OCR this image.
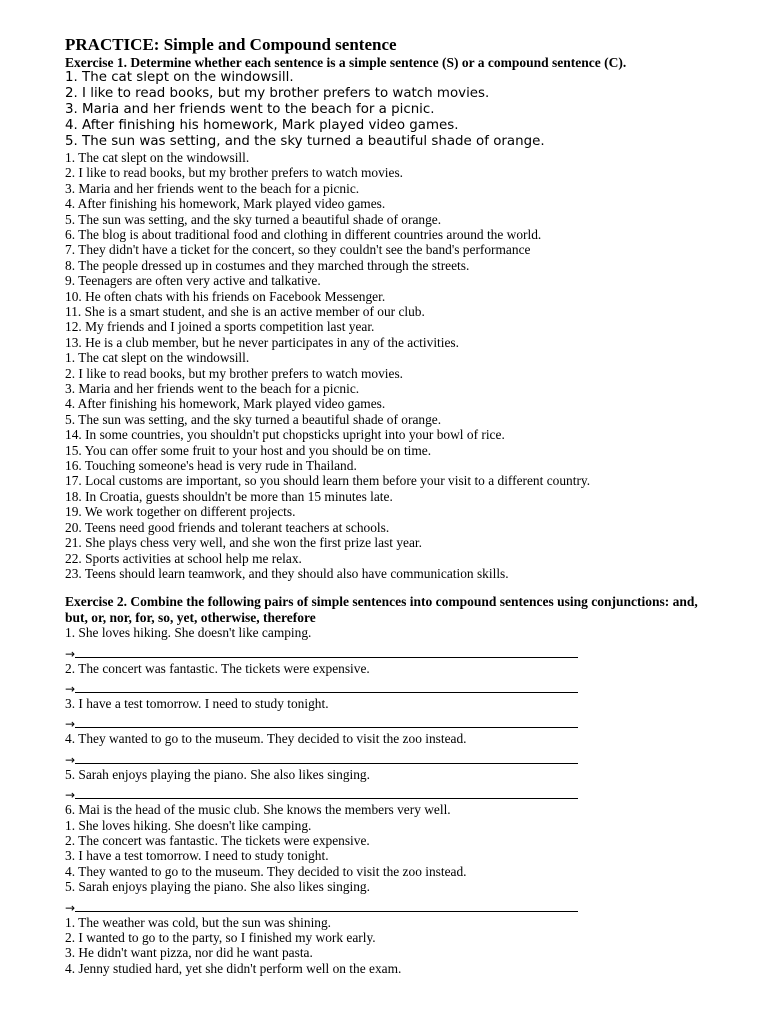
PRACTICE: Simple and Compound sentence
Exercise 1. Determine whether each sentence is a simple sentence (S) or a compound sentence (C).
1. The cat slept on the windowsill.
2. I like to read books, but my brother prefers to watch movies.
3. Maria and her friends went to the beach for a picnic.
4. After finishing his homework, Mark played video games.
5. The sun was setting, and the sky turned a beautiful shade of orange.
1. The cat slept on the windowsill.
2. I like to read books, but my brother prefers to watch movies.
3. Maria and her friends went to the beach for a picnic.
4. After finishing his homework, Mark played video games.
5. The sun was setting, and the sky turned a beautiful shade of orange.
6. The blog is about traditional food and clothing in different countries around the world.
7. They didn't have a ticket for the concert, so they couldn't see the band's performance
8. The people dressed up in costumes and they marched through the streets.
9. Teenagers are often very active and talkative.
10. He often chats with his friends on Facebook Messenger.
11. She is a smart student, and she is an active member of our club.
12. My friends and I joined a sports competition last year.
13. He is a club member, but he never participates in any of the activities.
1. The cat slept on the windowsill.
2. I like to read books, but my brother prefers to watch movies.
3. Maria and her friends went to the beach for a picnic.
4. After finishing his homework, Mark played video games.
5. The sun was setting, and the sky turned a beautiful shade of orange.
14. In some countries, you shouldn't put chopsticks upright into your bowl of rice.
15. You can offer some fruit to your host and you should be on time.
16. Touching someone's head is very rude in Thailand.
17. Local customs are important, so you should learn them before your visit to a different country.
18. In Croatia, guests shouldn't be more than 15 minutes late.
19. We work together on different projects.
20. Teens need good friends and tolerant teachers at schools.
21. She plays chess very well, and she won the first prize last year.
22. Sports activities at school help me relax.
23. Teens should learn teamwork, and they should also have communication skills.
Exercise 2. Combine the following pairs of simple sentences into compound sentences using conjunctions: and, but, or, nor, for, so, yet, otherwise, therefore
1. She loves hiking. She doesn't like camping.
→
2. The concert was fantastic. The tickets were expensive.
→
3. I have a test tomorrow. I need to study tonight.
→
4. They wanted to go to the museum. They decided to visit the zoo instead.
→
5. Sarah enjoys playing the piano. She also likes singing.
→
6. Mai is the head of the music club. She knows the members very well.
1. She loves hiking. She doesn't like camping.
2. The concert was fantastic. The tickets were expensive.
3. I have a test tomorrow. I need to study tonight.
4. They wanted to go to the museum. They decided to visit the zoo instead.
5. Sarah enjoys playing the piano. She also likes singing.
→
1. The weather was cold, but the sun was shining.
2. I wanted to go to the party, so I finished my work early.
3. He didn't want pizza, nor did he want pasta.
4. Jenny studied hard, yet she didn't perform well on the exam.
